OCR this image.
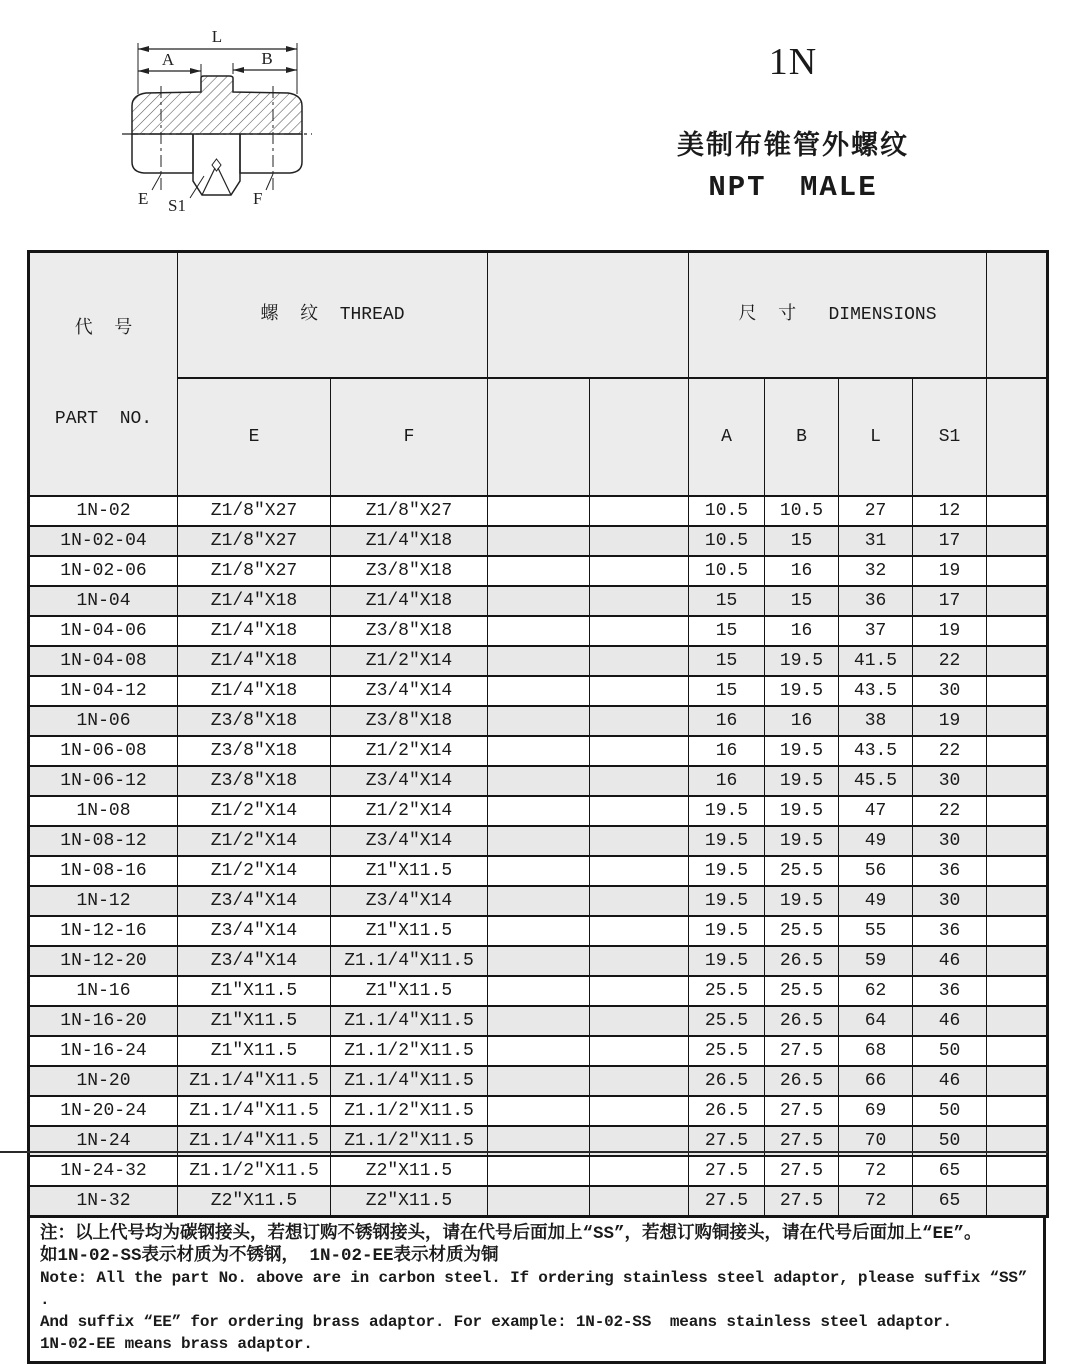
L
A	B
E S1	F
1N
美制布锥管外螺纹
NPT MALE

代  号

PART  NO.	螺  纹  THREAD				尺  寸   DIMENSIONS				
	E	F			A	B	L	S1	
1N-02	Z1/8″X27	Z1/8″X27			10.5	10.5	27	12	
1N-02-04	Z1/8″X27	Z1/4″X18			10.5	15	31	17	
1N-02-06	Z1/8″X27	Z3/8″X18			10.5	16	32	19	
1N-04	Z1/4″X18	Z1/4″X18			15	15	36	17	
1N-04-06	Z1/4″X18	Z3/8″X18			15	16	37	19	
1N-04-08	Z1/4″X18	Z1/2″X14			15	19.5	41.5	22	
1N-04-12	Z1/4″X18	Z3/4″X14			15	19.5	43.5	30	
1N-06	Z3/8″X18	Z3/8″X18			16	16	38	19	
1N-06-08	Z3/8″X18	Z1/2″X14			16	19.5	43.5	22	
1N-06-12	Z3/8″X18	Z3/4″X14			16	19.5	45.5	30	
1N-08	Z1/2″X14	Z1/2″X14			19.5	19.5	47	22	
1N-08-12	Z1/2″X14	Z3/4″X14			19.5	19.5	49	30	
1N-08-16	Z1/2″X14	Z1″X11.5			19.5	25.5	56	36	
1N-12	Z3/4″X14	Z3/4″X14			19.5	19.5	49	30	
1N-12-16	Z3/4″X14	Z1″X11.5			19.5	25.5	55	36	
1N-12-20	Z3/4″X14	Z1.1/4″X11.5			19.5	26.5	59	46	
1N-16	Z1″X11.5	Z1″X11.5			25.5	25.5	62	36	
1N-16-20	Z1″X11.5	Z1.1/4″X11.5			25.5	26.5	64	46	
1N-16-24	Z1″X11.5	Z1.1/2″X11.5			25.5	27.5	68	50	
1N-20	Z1.1/4″X11.5	Z1.1/4″X11.5			26.5	26.5	66	46	
1N-20-24	Z1.1/4″X11.5	Z1.1/2″X11.5			26.5	27.5	69	50	
1N-24	Z1.1/4″X11.5	Z1.1/2″X11.5			27.5	27.5	70	50	
1N-24-32	Z1.1/2″X11.5	Z2″X11.5			27.5	27.5	72	65	
1N-32	Z2″X11.5	Z2″X11.5			27.5	27.5	72	65	
注：以上代号均为碳钢接头，若想订购不锈钢接头，请在代号后面加上“SS”，若想订购铜接头，请在代号后面加上“EE”。
如1N-02-SS表示材质为不锈钢， 1N-02-EE表示材质为铜
Note: All the part No. above are in carbon steel. If ordering stainless steel adaptor, please suffix “SS” .
And suffix “EE” for ordering brass adaptor. For example: 1N-02-SS  means stainless steel adaptor.
1N-02-EE means brass adaptor.
